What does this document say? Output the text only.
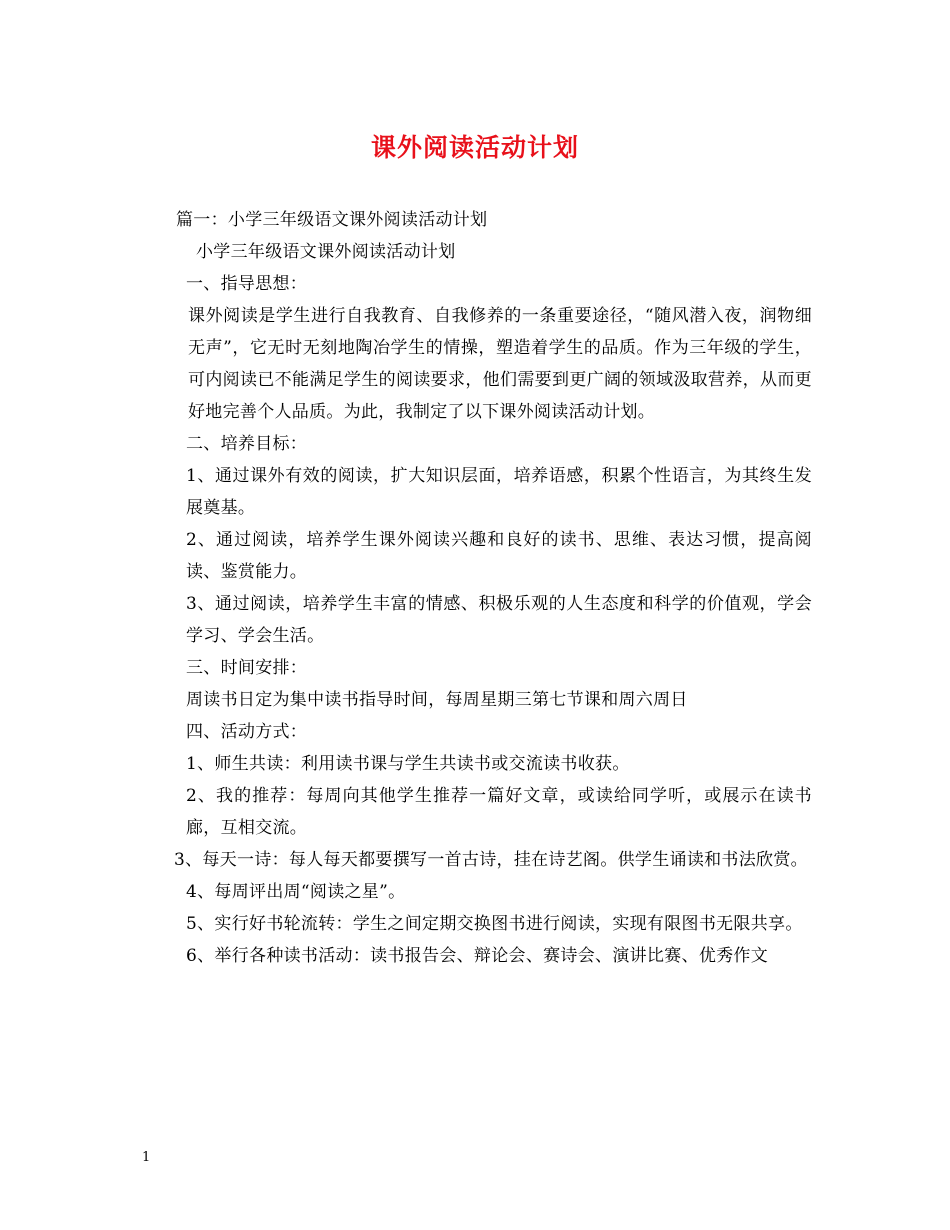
课外阅读活动计划

篇一：小学三年级语文课外阅读活动计划

小学三年级语文课外阅读活动计划

一、指导思想：

课外阅读是学生进行自我教育、自我修养的一条重要途径，“随风潜入夜，润物细无声”，它无时无刻地陶冶学生的情操，塑造着学生的品质。作为三年级的学生，可内阅读已不能满足学生的阅读要求，他们需要到更广阔的领域汲取营养，从而更好地完善个人品质。为此，我制定了以下课外阅读活动计划。

二、培养目标：

1、通过课外有效的阅读，扩大知识层面，培养语感，积累个性语言，为其终生发展奠基。

2、通过阅读，培养学生课外阅读兴趣和良好的读书、思维、表达习惯，提高阅读、鉴赏能力。

3、通过阅读，培养学生丰富的情感、积极乐观的人生态度和科学的价值观，学会学习、学会生活。

三、时间安排：

周读书日定为集中读书指导时间，每周星期三第七节课和周六周日

四、活动方式：

1、师生共读：利用读书课与学生共读书或交流读书收获。

2、我的推荐：每周向其他学生推荐一篇好文章，或读给同学听，或展示在读书廊，互相交流。

3、每天一诗：每人每天都要撰写一首古诗，挂在诗艺阁。供学生诵读和书法欣赏。

4、每周评出周“阅读之星”。

5、实行好书轮流转：学生之间定期交换图书进行阅读，实现有限图书无限共享。

6、举行各种读书活动：读书报告会、辩论会、赛诗会、演讲比赛、优秀作文

1
